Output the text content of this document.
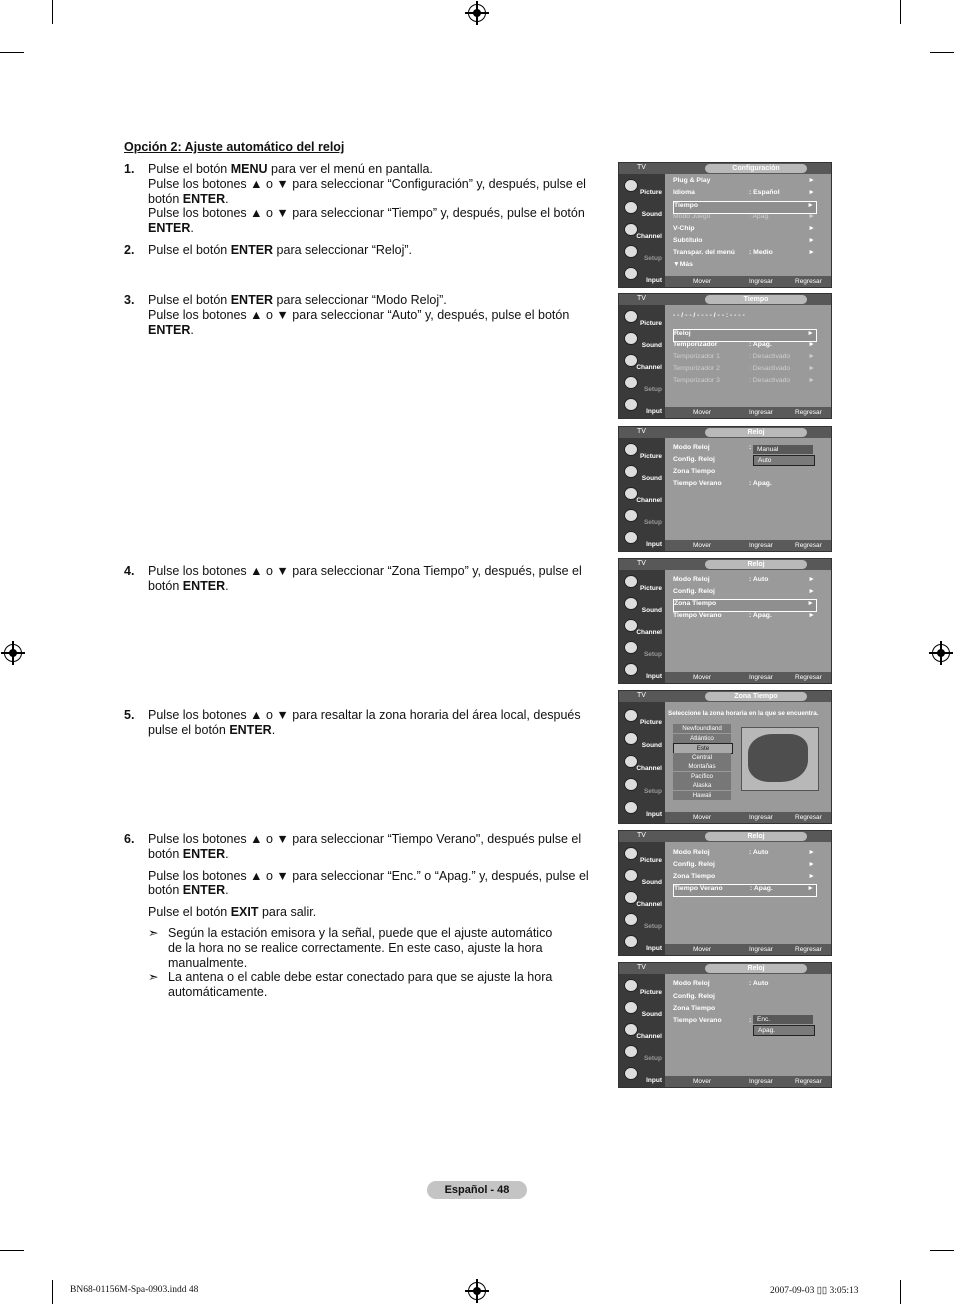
Opción 2: Ajuste automático del reloj
1. Pulse el botón MENU para ver el menú en pantalla.
Pulse los botones ▲ o ▼ para seleccionar “Configuración” y, después, pulse el botón ENTER.
Pulse los botones ▲ o ▼ para seleccionar “Tiempo” y, después, pulse el botón ENTER.
2. Pulse el botón ENTER para seleccionar “Reloj”.
3. Pulse el botón ENTER para seleccionar “Modo Reloj”.
Pulse los botones ▲ o ▼ para seleccionar “Auto” y, después, pulse el botón ENTER.
4. Pulse los botones ▲ o ▼ para seleccionar “Zona Tiempo” y, después, pulse el botón ENTER.
5. Pulse los botones ▲ o ▼ para resaltar la zona horaria del área local, después pulse el botón ENTER.
6. Pulse los botones ▲ o ▼ para seleccionar “Tiempo Verano", después pulse el botón ENTER.

Pulse los botones ▲ o ▼ para seleccionar “Enc.” o “Apag.” y, después, pulse el botón ENTER.

Pulse el botón EXIT para salir.

➣ Según la estación emisora y la señal, puede que el ajuste automático de la hora no se realice correctamente. En este caso, ajuste la hora manualmente.

➣ La antena o el cable debe estar conectado para que se ajuste la hora automáticamente.

TV	Configuración
Picture
Sound
Channel
Setup
Input
Plug & Play	►
Idioma	: Español	►
Tiempo	►
Modo Juego	: Apag.	►
V-Chip	►
Subtítulo	►
Transpar. del menú : Medio	►
▼Más
Mover	Ingresar	Regresar
TV	Tiempo
Picture
Sound
Channel
Setup
Input
- - / - - / - - - - / - - : - - - -
Reloj	►
Temporizador	: Apag.	►
Temporizador 1	: Desactivado	►
Temporizador 2	: Desactivado	►
Temporizador 3	: Desactivado	►
Mover	Ingresar	Regresar
TV	Reloj
Picture
Sound
Channel
Setup
Input
Modo Reloj	: Manual
Auto
Config. Reloj
Zona Tiempo
Tiempo Verano	: Apag.
Mover	Ingresar	Regresar
TV	Reloj
Picture
Sound
Channel
Setup
Input
Modo Reloj	: Auto	►
Config. Reloj	►
Zona Tiempo	►
Tiempo Verano	: Apag.	►
Mover	Ingresar	Regresar
TV	Zona Tiempo
Picture
Sound
Channel
Setup
Input
Seleccione la zona horaria en la que se encuentra.
Newfoundland
Atlántico
Este
Central
Montañas
Pacífico
Alaska
Hawaii
Mover	Ingresar	Regresar
TV	Reloj
Picture
Sound
Channel
Setup
Input
Modo Reloj	: Auto	►
Config. Reloj	►
Zona Tiempo	►
Tiempo Verano	: Apag.	►
Mover	Ingresar	Regresar
TV	Reloj
Picture
Sound
Channel
Setup
Input
Modo Reloj	: Auto
Config. Reloj
Zona Tiempo
Tiempo Verano	: Enc.
Apag.
Mover	Ingresar	Regresar
Español - 48
BN68-01156M-Spa-0903.indd 48	2007-09-03 ▯▯ 3:05:13
